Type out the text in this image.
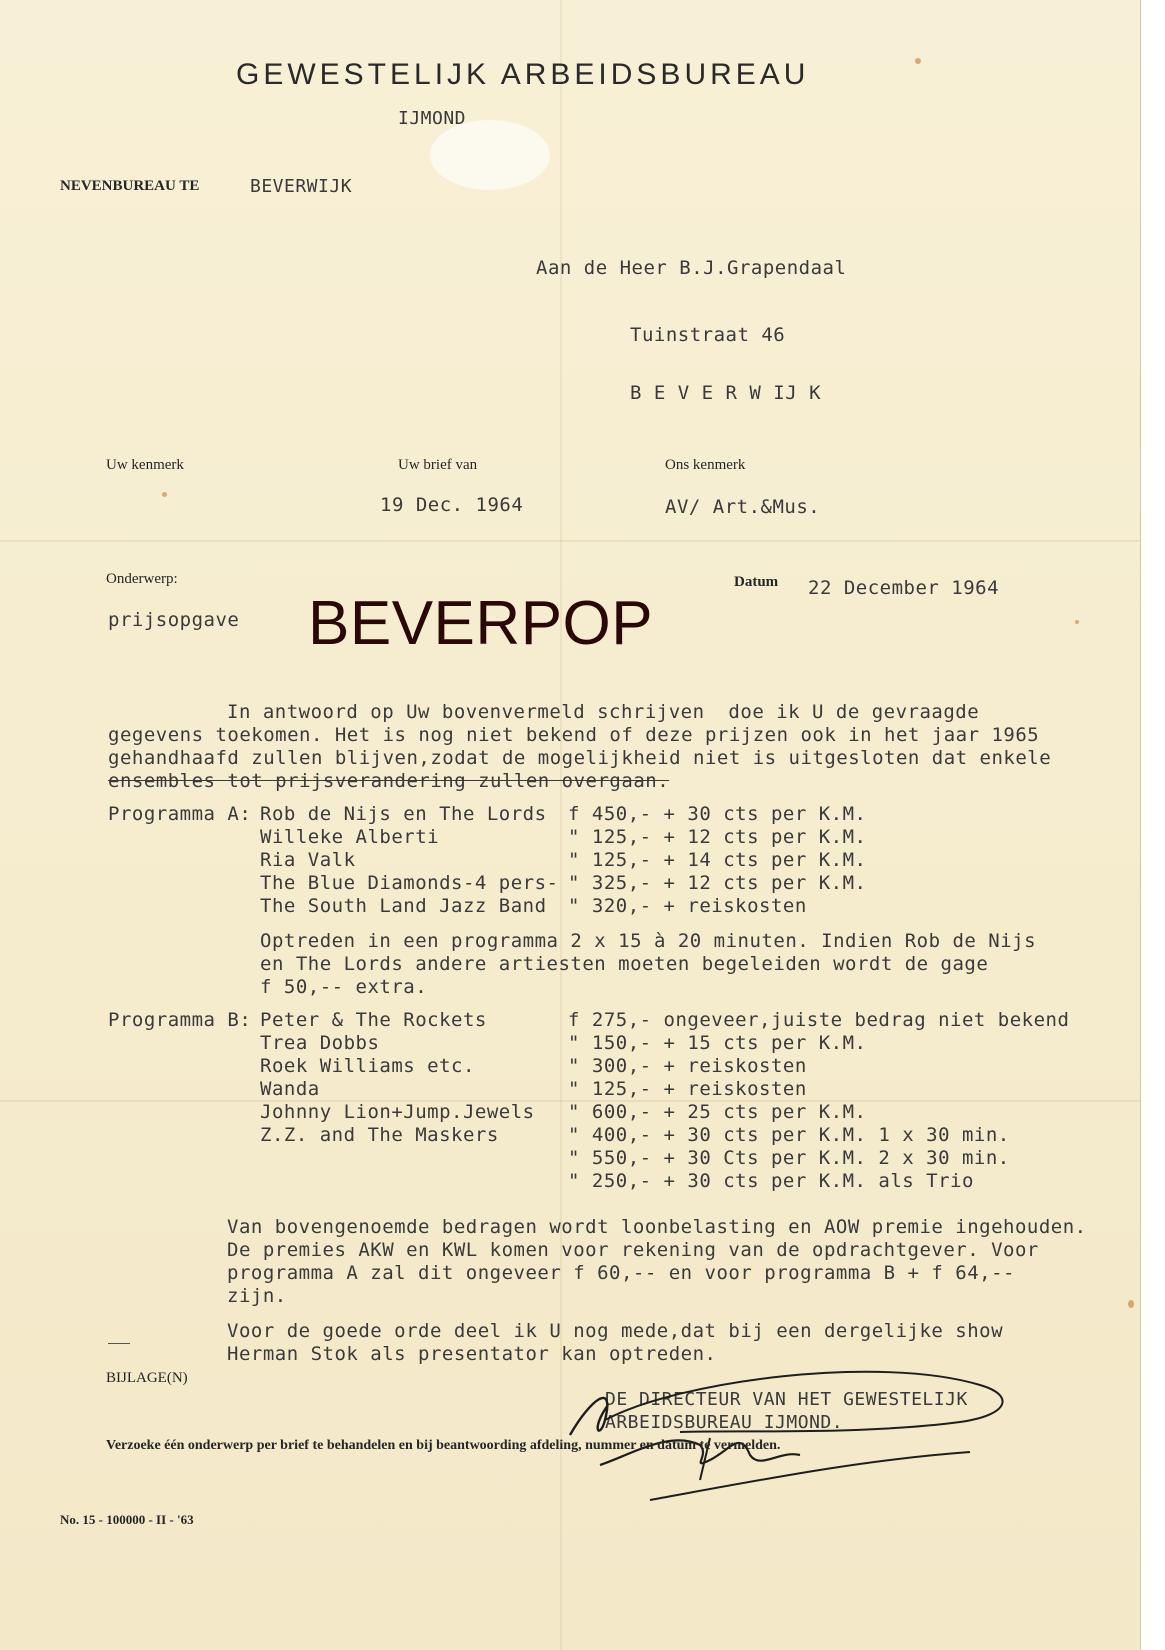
GEWESTELIJK ARBEIDSBUREAU
IJMOND
NEVENBUREAU TE	BEVERWIJK
Aan de Heer B.J.Grapendaal
Tuinstraat 46
B E V E R W IJ K
Uw kenmerk	Uw brief van	Ons kenmerk
19 Dec. 1964	AV/ Art.&Mus.
Onderwerp:
prijsopgave
Datum 22 December 1964
BEVERPOP
In antwoord op Uw bovenvermeld schrijven  doe ik U de gevraagde
gegevens toekomen. Het is nog niet bekend of deze prijzen ook in het jaar 1965
gehandhaafd zullen blijven,zodat de mogelijkheid niet is uitgesloten dat enkele
ensembles tot prijsverandering zullen overgaan.
Programma A: Rob de Nijs en The Lords f 450,- + 30 cts per K.M.
Willeke Alberti	" 125,- + 12 cts per K.M.
Ria Valk	" 125,- + 14 cts per K.M.
The Blue Diamonds-4 pers- " 325,- + 12 cts per K.M.
The South Land Jazz Band " 320,- + reiskosten
Optreden in een programma 2 x 15 à 20 minuten. Indien Rob de Nijs
en The Lords andere artiesten moeten begeleiden wordt de gage
f 50,-- extra.
Programma B: Peter & The Rockets	f 275,- ongeveer,juiste bedrag niet bekend
Trea Dobbs	" 150,- + 15 cts per K.M.
Roek Williams etc.	" 300,- + reiskosten
Wanda	" 125,- + reiskosten
Johnny Lion+Jump.Jewels " 600,- + 25 cts per K.M.
Z.Z. and The Maskers	" 400,- + 30 cts per K.M. 1 x 30 min.
" 550,- + 30 Cts per K.M. 2 x 30 min.
" 250,- + 30 cts per K.M. als Trio
Van bovengenoemde bedragen wordt loonbelasting en AOW premie ingehouden.
De premies AKW en KWL komen voor rekening van de opdrachtgever. Voor
programma A zal dit ongeveer f 60,-- en voor programma B + f 64,--
zijn.
Voor de goede orde deel ik U nog mede,dat bij een dergelijke show
Herman Stok als presentator kan optreden.
BIJLAGE(N)
DE DIRECTEUR VAN HET GEWESTELIJK
ARBEIDSBUREAU IJMOND.
Verzoeke één onderwerp per brief te behandelen en bij beantwoording afdeling, nummer en datum te vermelden.
No. 15 - 100000 - II - '63
